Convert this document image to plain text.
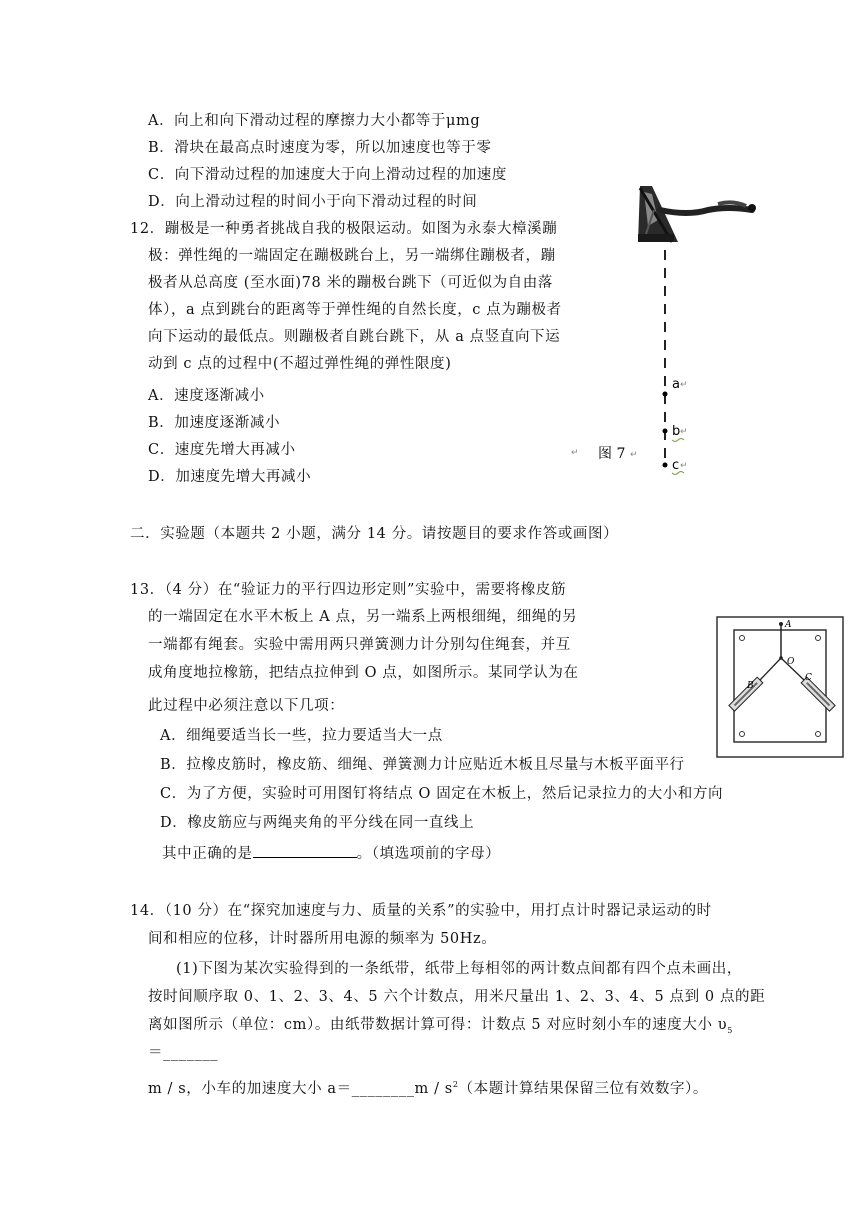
A．向上和向下滑动过程的摩擦力大小都等于μmg
B．滑块在最高点时速度为零，所以加速度也等于零
C．向下滑动过程的加速度大于向上滑动过程的加速度
D．向上滑动过程的时间小于向下滑动过程的时间
12．蹦极是一种勇者挑战自我的极限运动。如图为永泰大樟溪蹦
极：弹性绳的一端固定在蹦极跳台上，另一端绑住蹦极者，蹦
极者从总高度 (至水面)78 米的蹦极台跳下（可近似为自由落
体），a 点到跳台的距离等于弹性绳的自然长度，c 点为蹦极者
向下运动的最低点。则蹦极者自跳台跳下，从 a 点竖直向下运
动到 c 点的过程中(不超过弹性绳的弹性限度)
A．速度逐渐减小
B．加速度逐渐减小
C．速度先增大再减小
D．加速度先增大再减小
a ↵
b ↵
c ↵
↵ 图 7 ↵
二．实验题（本题共 2 小题，满分 14 分。请按题目的要求作答或画图）
13．（4 分）在“验证力的平行四边形定则”实验中，需要将橡皮筋
的一端固定在水平木板上 A 点，另一端系上两根细绳，细绳的另
一端都有绳套。实验中需用两只弹簧测力计分别勾住绳套，并互
成角度地拉橡筋，把结点拉伸到 O 点，如图所示。某同学认为在
此过程中必须注意以下几项：
A．细绳要适当长一些，拉力要适当大一点
B．拉橡皮筋时，橡皮筋、细绳、弹簧测力计应贴近木板且尽量与木板平面平行
C．为了方便，实验时可用图钉将结点 O 固定在木板上，然后记录拉力的大小和方向
D．橡皮筋应与两绳夹角的平分线在同一直线上
其中正确的是	。（填选项前的字母）
A
O
B
C
14．（10 分）在“探究加速度与力、质量的关系”的实验中，用打点计时器记录运动的时
间和相应的位移，计时器所用电源的频率为 50Hz。
(1)下图为某次实验得到的一条纸带，纸带上每相邻的两计数点间都有四个点未画出，
按时间顺序取 0、1、2、3、4、5 六个计数点，用米尺量出 1、2、3、4、5 点到 0 点的距
离如图所示（单位：cm）。由纸带数据计算可得：计数点 5 对应时刻小车的速度大小 $\upsilon_5$
＝_______
m / s，小车的加速度大小 a＝________m / $s^2$（本题计算结果保留三位有效数字）。
